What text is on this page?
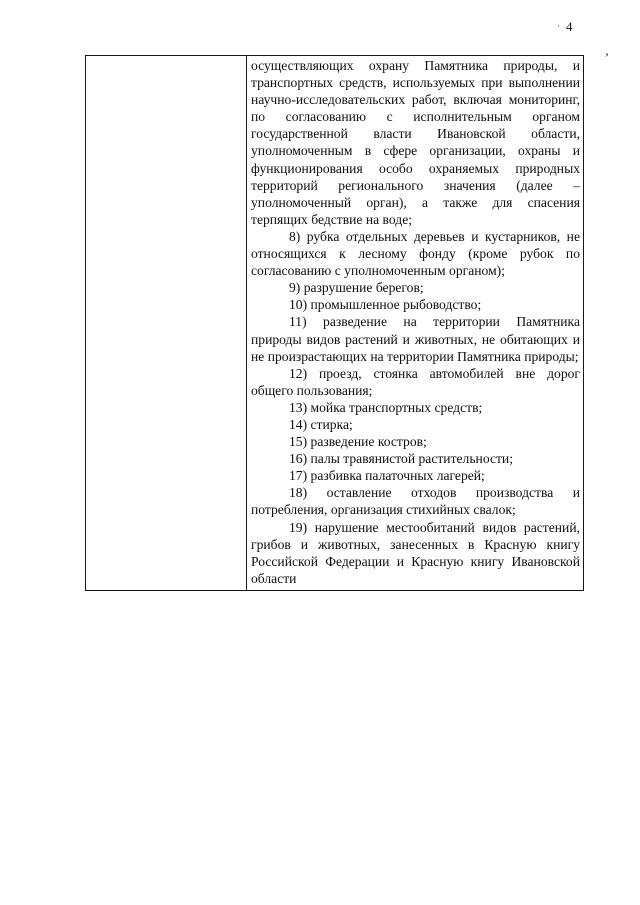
· 4
’

осуществляющих охрану Памятника природы, и транспортных средств, используемых при выполнении научно-исследовательских работ, включая мониторинг, по согласованию с исполнительным органом государственной власти Ивановской области, уполномоченным в сфере организации, охраны и функционирования особо охраняемых природных территорий регионального значения (далее – уполномоченный орган), а также для спасения терпящих бедствие на воде;

8) рубка отдельных деревьев и кустарников, не относящихся к лесному фонду (кроме рубок по согласованию с уполномоченным органом);

9) разрушение берегов;

10) промышленное рыбоводство;

11) разведение на территории Памятника природы видов растений и животных, не обитающих и не произрастающих на территории Памятника природы;

12) проезд, стоянка автомобилей вне дорог общего пользования;

13) мойка транспортных средств;

14) стирка;

15) разведение костров;

16) палы травянистой растительности;

17) разбивка палаточных лагерей;

18) оставление отходов производства и потребления, организация стихийных свалок;

19) нарушение местообитаний видов растений, грибов и животных, занесенных в Красную книгу Российской Федерации и Красную книгу Ивановской области
